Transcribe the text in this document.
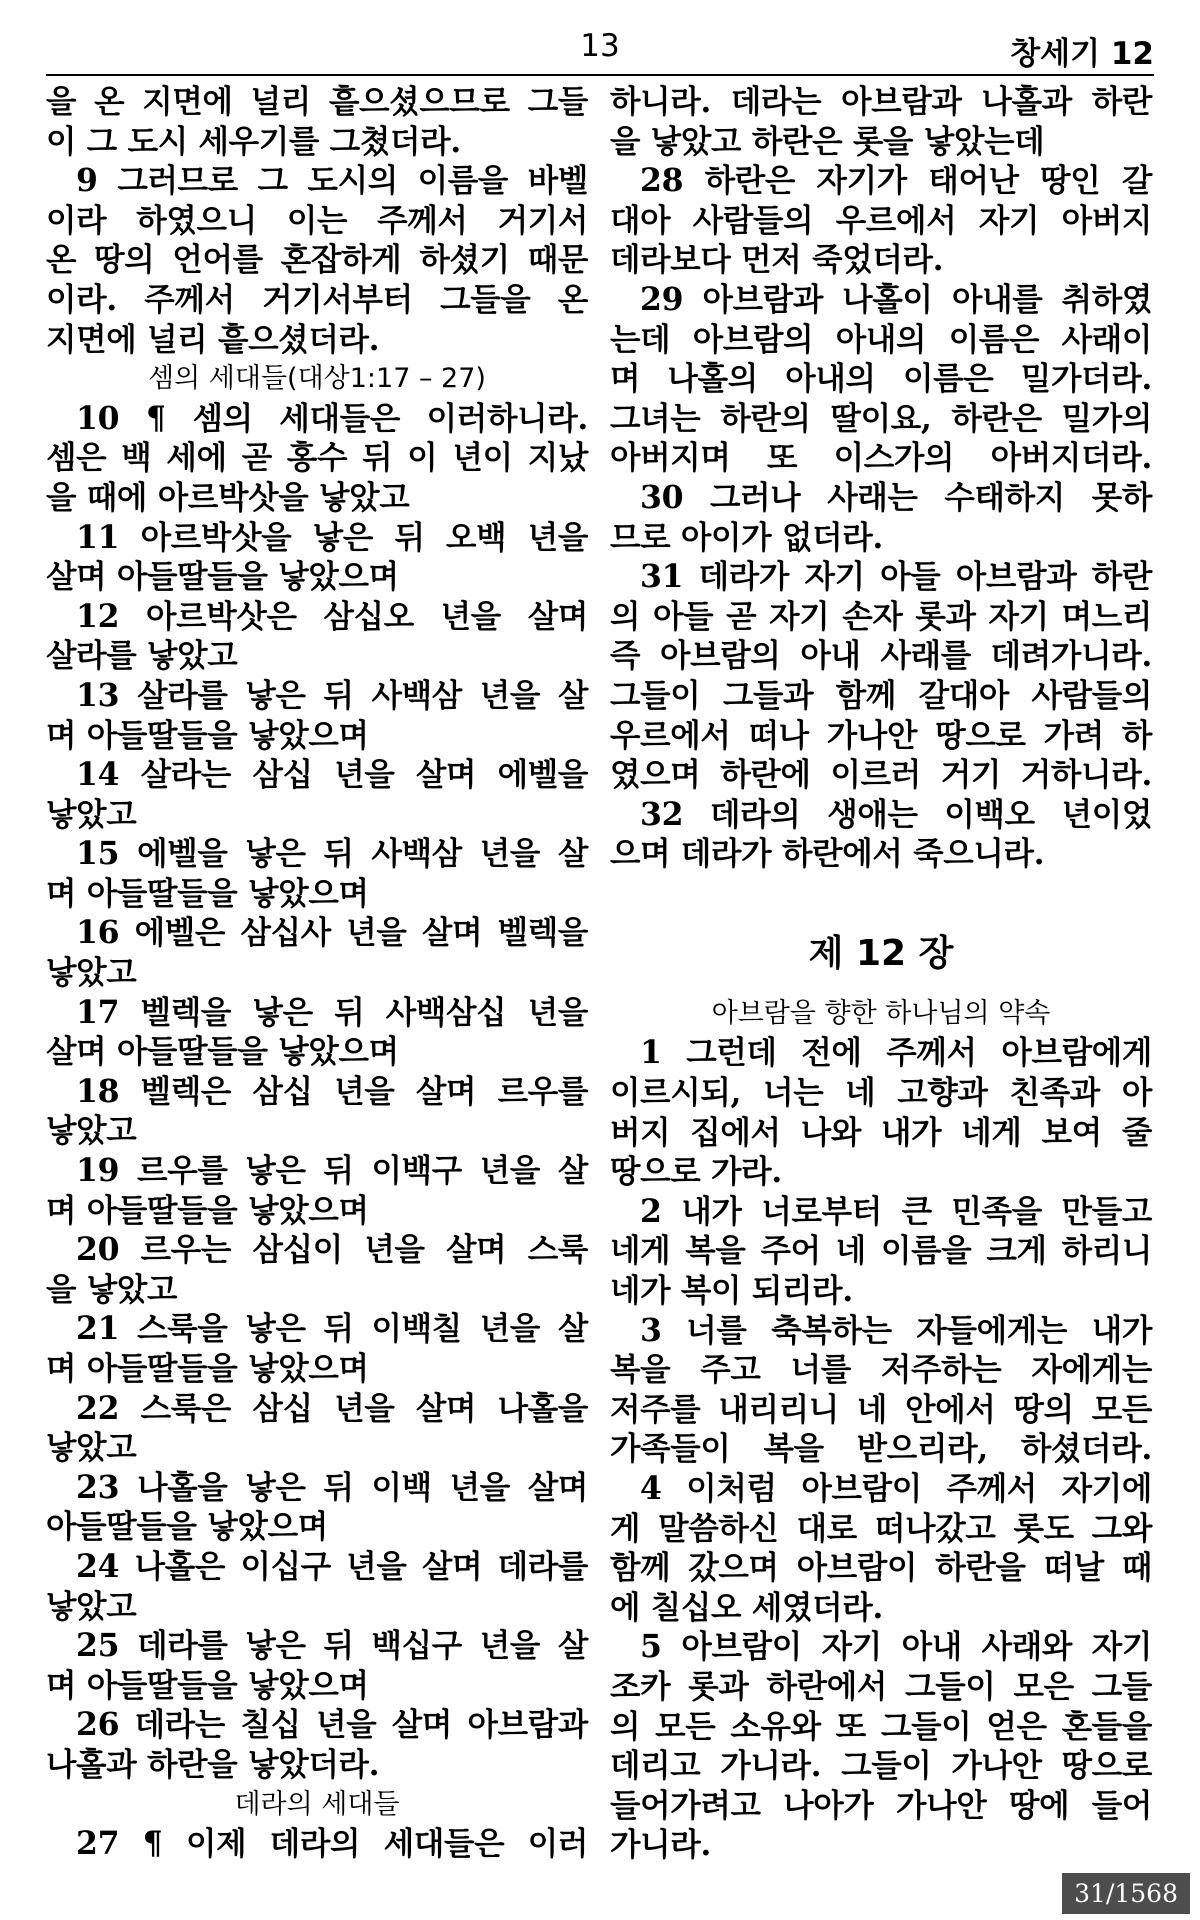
13	창세기 12
을 온 지면에 널리 흩으셨으므로 그들
이 그 도시 세우기를 그쳤더라.
9 그러므로 그 도시의 이름을 바벨
이라 하였으니 이는 주께서 거기서
온 땅의 언어를 혼잡하게 하셨기 때문
이라. 주께서 거기서부터 그들을 온
지면에 널리 흩으셨더라.
셈의 세대들(대상1:17 – 27)
10 ¶ 셈의 세대들은 이러하니라.
셈은 백 세에 곧 홍수 뒤 이 년이 지났
을 때에 아르박삿을 낳았고
11 아르박삿을 낳은 뒤 오백 년을
살며 아들딸들을 낳았으며
12 아르박삿은 삼십오 년을 살며
살라를 낳았고
13 살라를 낳은 뒤 사백삼 년을 살
며 아들딸들을 낳았으며
14 살라는 삼십 년을 살며 에벨을
낳았고
15 에벨을 낳은 뒤 사백삼 년을 살
며 아들딸들을 낳았으며
16 에벨은 삼십사 년을 살며 벨렉을
낳았고
17 벨렉을 낳은 뒤 사백삼십 년을
살며 아들딸들을 낳았으며
18 벨렉은 삼십 년을 살며 르우를
낳았고
19 르우를 낳은 뒤 이백구 년을 살
며 아들딸들을 낳았으며
20 르우는 삼십이 년을 살며 스룩
을 낳았고
21 스룩을 낳은 뒤 이백칠 년을 살
며 아들딸들을 낳았으며
22 스룩은 삼십 년을 살며 나홀을
낳았고
23 나홀을 낳은 뒤 이백 년을 살며
아들딸들을 낳았으며
24 나홀은 이십구 년을 살며 데라를
낳았고
25 데라를 낳은 뒤 백십구 년을 살
며 아들딸들을 낳았으며
26 데라는 칠십 년을 살며 아브람과
나홀과 하란을 낳았더라.
데라의 세대들
27 ¶ 이제 데라의 세대들은 이러
하니라. 데라는 아브람과 나홀과 하란
을 낳았고 하란은 롯을 낳았는데
28 하란은 자기가 태어난 땅인 갈
대아 사람들의 우르에서 자기 아버지
데라보다 먼저 죽었더라.
29 아브람과 나홀이 아내를 취하였
는데 아브람의 아내의 이름은 사래이
며 나홀의 아내의 이름은 밀가더라.
그녀는 하란의 딸이요, 하란은 밀가의
아버지며 또 이스가의 아버지더라.
30 그러나 사래는 수태하지 못하
므로 아이가 없더라.
31 데라가 자기 아들 아브람과 하란
의 아들 곧 자기 손자 롯과 자기 며느리
즉 아브람의 아내 사래를 데려가니라.
그들이 그들과 함께 갈대아 사람들의
우르에서 떠나 가나안 땅으로 가려 하
였으며 하란에 이르러 거기 거하니라.
32 데라의 생애는 이백오 년이었
으며 데라가 하란에서 죽으니라.
제 12 장
아브람을 향한 하나님의 약속
1 그런데 전에 주께서 아브람에게
이르시되, 너는 네 고향과 친족과 아
버지 집에서 나와 내가 네게 보여 줄
땅으로 가라.
2 내가 너로부터 큰 민족을 만들고
네게 복을 주어 네 이름을 크게 하리니
네가 복이 되리라.
3 너를 축복하는 자들에게는 내가
복을 주고 너를 저주하는 자에게는
저주를 내리리니 네 안에서 땅의 모든
가족들이 복을 받으리라, 하셨더라.
4 이처럼 아브람이 주께서 자기에
게 말씀하신 대로 떠나갔고 롯도 그와
함께 갔으며 아브람이 하란을 떠날 때
에 칠십오 세였더라.
5 아브람이 자기 아내 사래와 자기
조카 롯과 하란에서 그들이 모은 그들
의 모든 소유와 또 그들이 얻은 혼들을
데리고 가니라. 그들이 가나안 땅으로
들어가려고 나아가 가나안 땅에 들어
가니라.
31/1568
